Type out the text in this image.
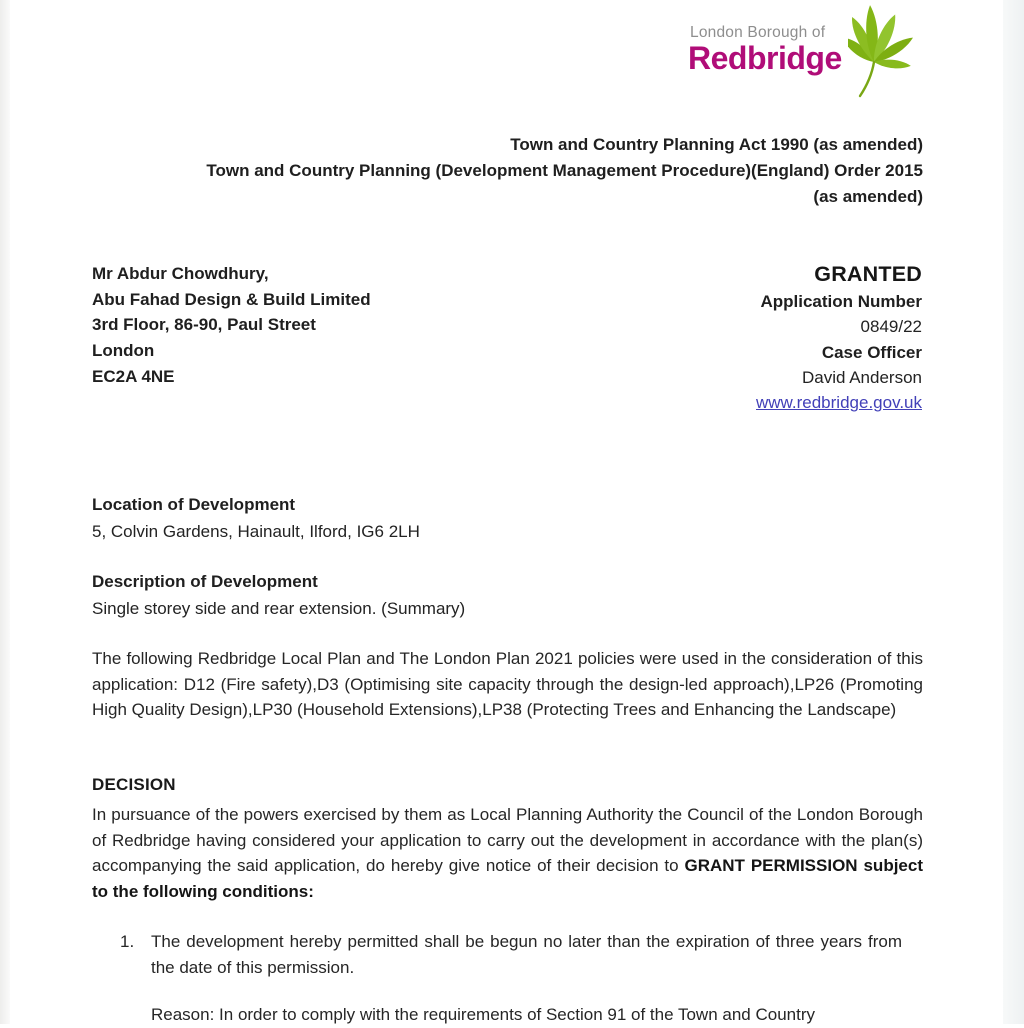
London Borough of
Redbridge
Town and Country Planning Act 1990 (as amended)
Town and Country Planning (Development Management Procedure)(England) Order 2015
(as amended)
Mr Abdur Chowdhury,
Abu Fahad Design & Build Limited
3rd Floor, 86-90, Paul Street
London
EC2A 4NE
GRANTED
Application Number
0849/22
Case Officer
David Anderson
www.redbridge.gov.uk
Location of Development
5, Colvin Gardens, Hainault, Ilford, IG6 2LH
Description of Development
Single storey side and rear extension. (Summary)

The following Redbridge Local Plan and The London Plan 2021 policies were used in the consideration of this application: D12 (Fire safety),D3 (Optimising site capacity through the design-led approach),LP26 (Promoting High Quality Design),LP30 (Household Extensions),LP38 (Protecting Trees and Enhancing the Landscape)

DECISION

In pursuance of the powers exercised by them as Local Planning Authority the Council of the London Borough of Redbridge having considered your application to carry out the development in accordance with the plan(s) accompanying the said application, do hereby give notice of their decision to GRANT PERMISSION subject to the following conditions:

1. The development hereby permitted shall be begun no later than the expiration of three years from the date of this permission.
Reason: In order to comply with the requirements of Section 91 of the Town and Country
